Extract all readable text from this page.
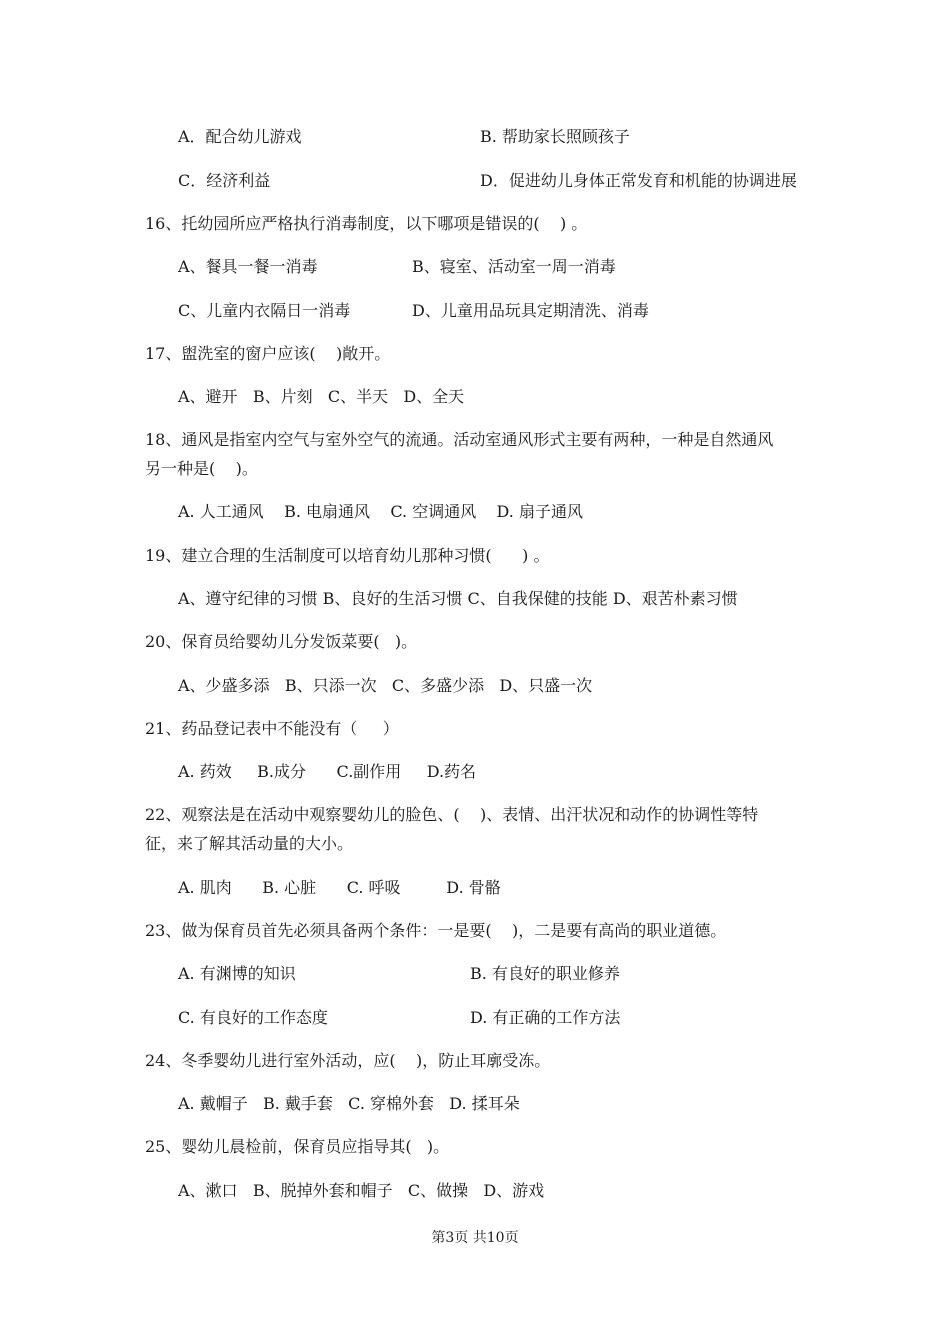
A．配合幼儿游戏	B. 帮助家长照顾孩子
C．经济利益	D．促进幼儿身体正常发育和机能的协调进展
16、托幼园所应严格执行消毒制度，以下哪项是错误的(    ) 。
A、餐具一餐一消毒	B、寝室、活动室一周一消毒
C、儿童内衣隔日一消毒	D、儿童用品玩具定期清洗、消毒
17、盥洗室的窗户应该(    )敞开。
A、避开   B、片刻   C、半天   D、全天
18、通风是指室内空气与室外空气的流通。活动室通风形式主要有两种，一种是自然通风
另一种是(    )。
A. 人工通风    B. 电扇通风    C. 空调通风    D. 扇子通风
19、建立合理的生活制度可以培育幼儿那种习惯(      ) 。
A、遵守纪律的习惯 B、良好的生活习惯 C、自我保健的技能 D、艰苦朴素习惯
20、保育员给婴幼儿分发饭菜要(   )。
A、少盛多添   B、只添一次   C、多盛少添   D、只盛一次
21、药品登记表中不能没有（     ）
A. 药效     B.成分      C.副作用     D.药名
22、观察法是在活动中观察婴幼儿的脸色、(    )、表情、出汗状况和动作的协调性等特
征，来了解其活动量的大小。
A. 肌肉      B. 心脏      C. 呼吸         D. 骨骼
23、做为保育员首先必须具备两个条件：一是要(    )，二是要有高尚的职业道德。
A. 有渊博的知识	B. 有良好的职业修养
C. 有良好的工作态度	D. 有正确的工作方法
24、冬季婴幼儿进行室外活动，应(    )，防止耳廓受冻。
A. 戴帽子   B. 戴手套   C. 穿棉外套   D. 揉耳朵
25、婴幼儿晨检前，保育员应指导其(   )。
A、漱口   B、脱掉外套和帽子   C、做操   D、游戏
第3页 共10页
